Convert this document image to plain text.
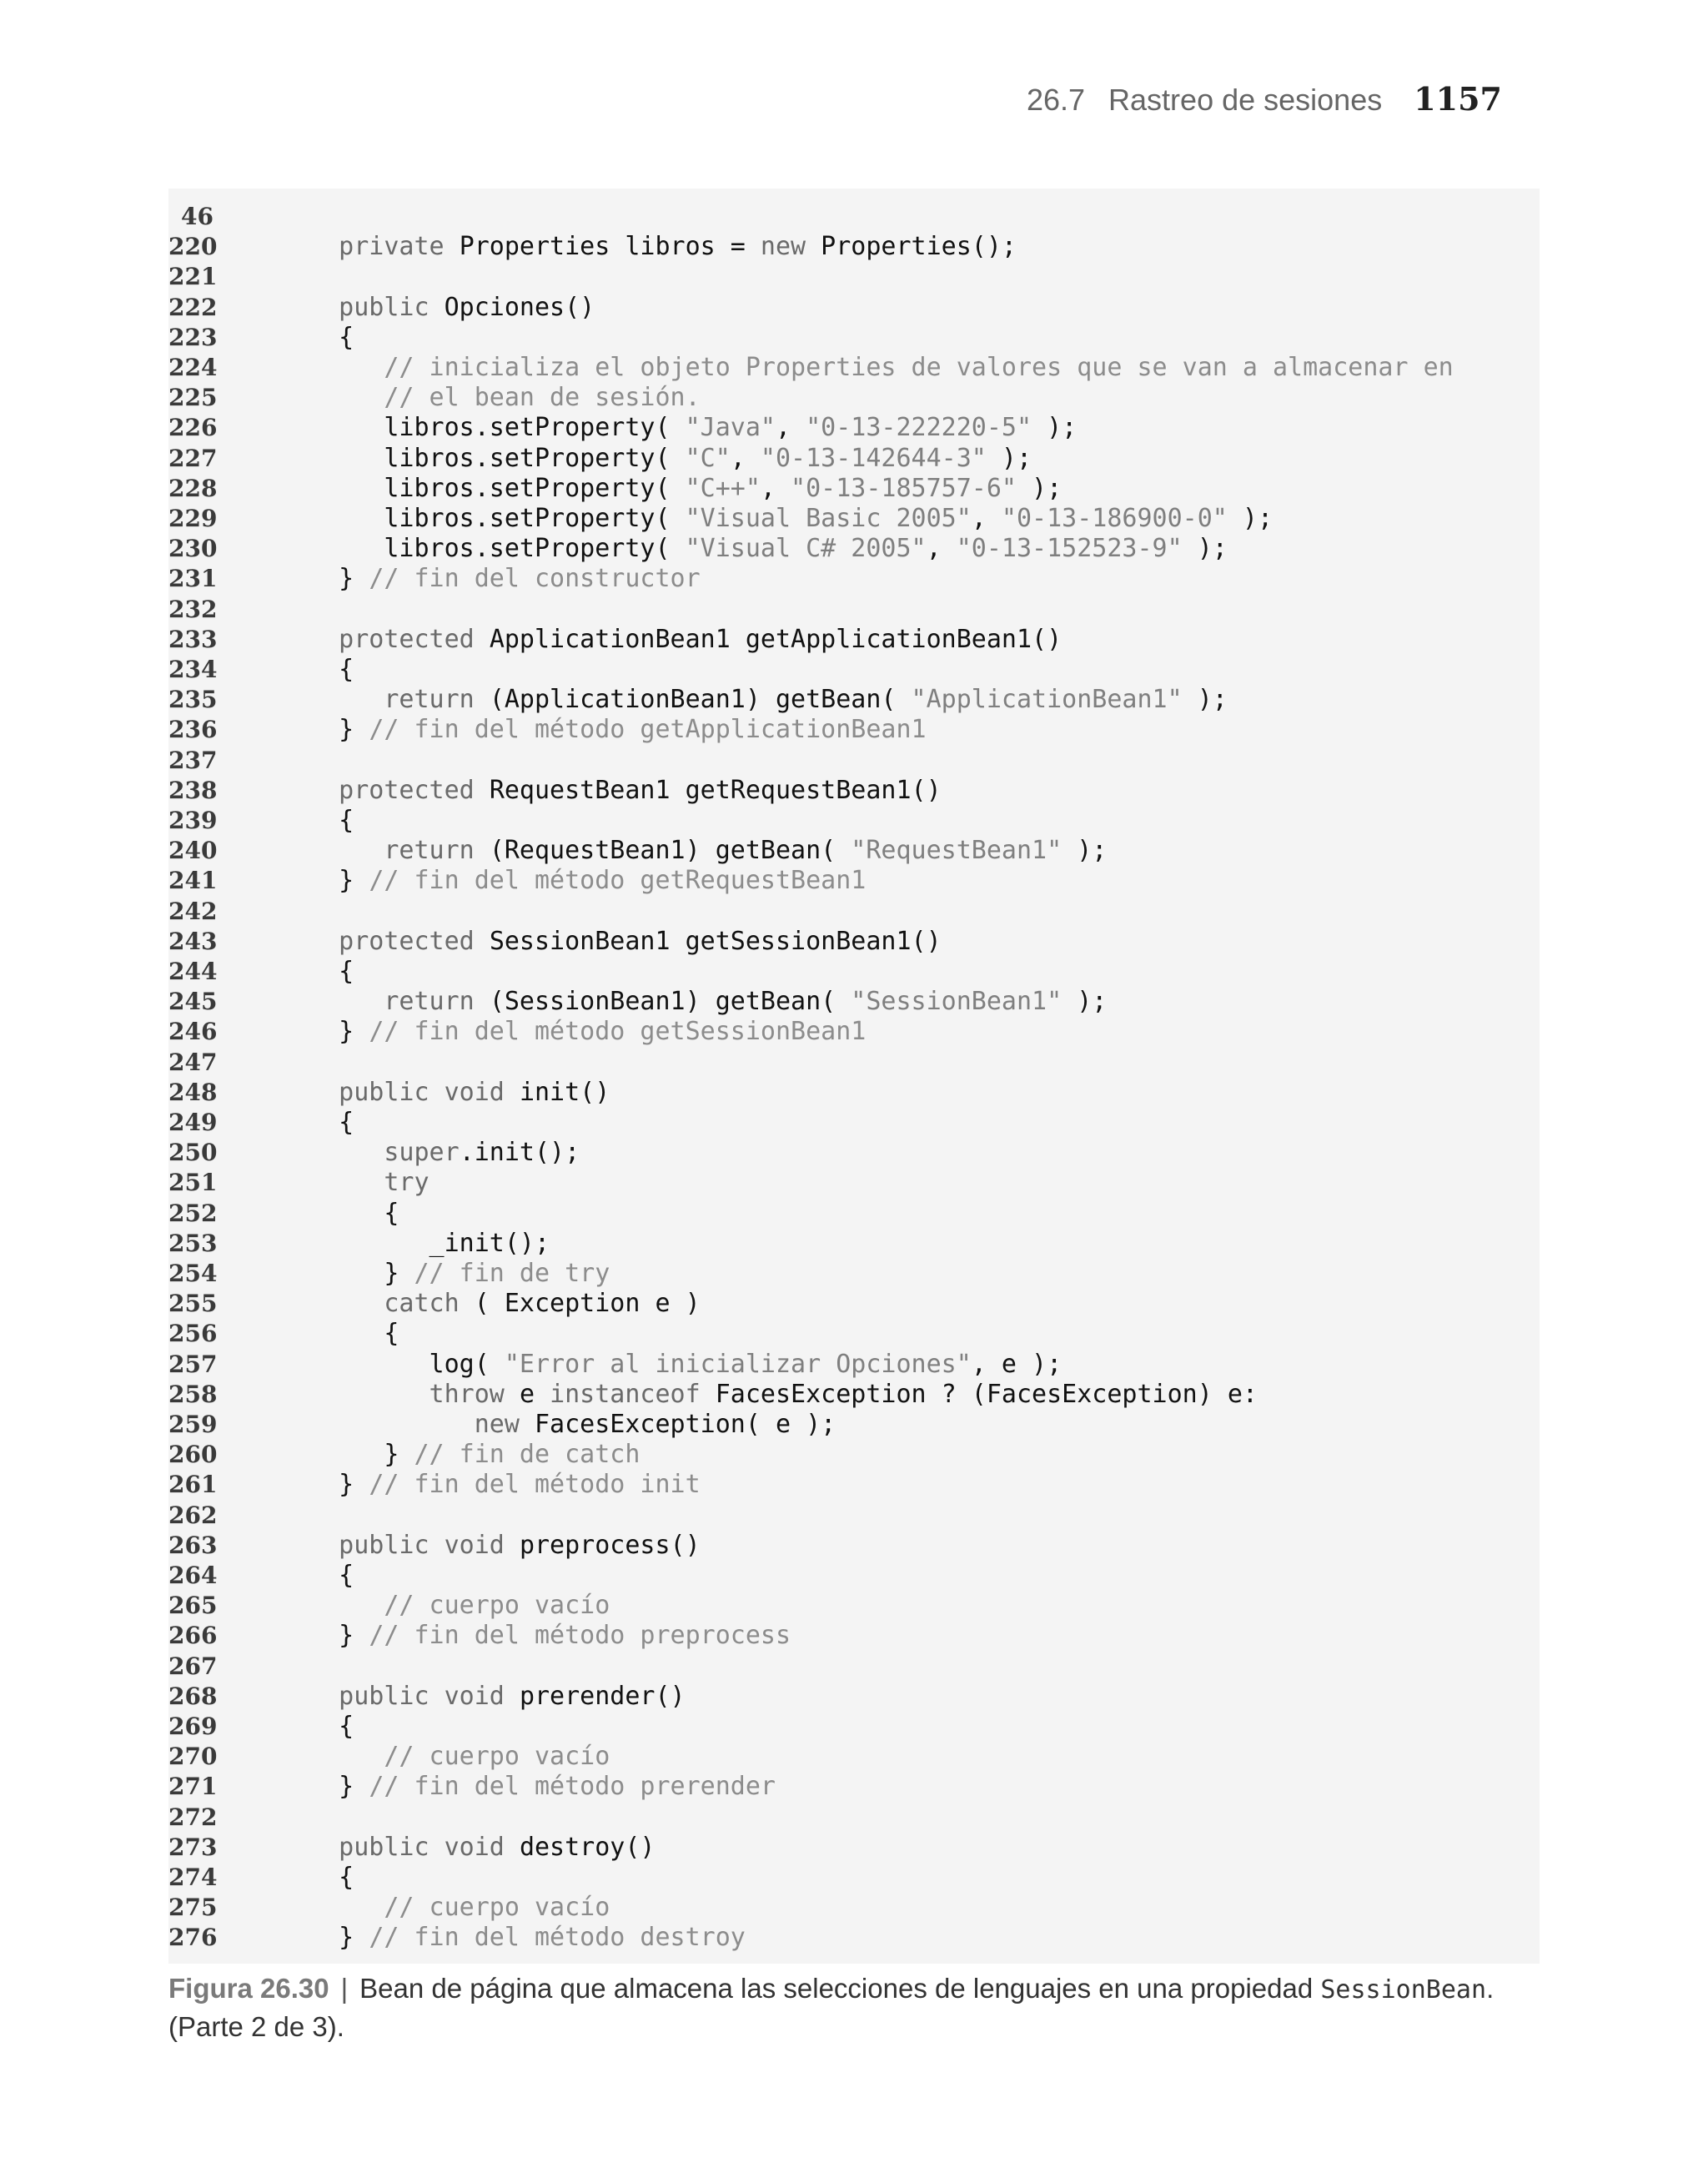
26.7 Rastreo de sesiones 1157
46
220	private Properties libros = new Properties();
221
222	public Opciones()
223	{
224	// inicializa el objeto Properties de valores que se van a almacenar en
225	// el bean de sesión.
226	libros.setProperty( "Java", "0-13-222220-5" );
227	libros.setProperty( "C", "0-13-142644-3" );
228	libros.setProperty( "C++", "0-13-185757-6" );
229	libros.setProperty( "Visual Basic 2005", "0-13-186900-0" );
230	libros.setProperty( "Visual C# 2005", "0-13-152523-9" );
231	} // fin del constructor
232
233	protected ApplicationBean1 getApplicationBean1()
234	{
235	return (ApplicationBean1) getBean( "ApplicationBean1" );
236	} // fin del método getApplicationBean1
237
238	protected RequestBean1 getRequestBean1()
239	{
240	return (RequestBean1) getBean( "RequestBean1" );
241	} // fin del método getRequestBean1
242
243	protected SessionBean1 getSessionBean1()
244	{
245	return (SessionBean1) getBean( "SessionBean1" );
246	} // fin del método getSessionBean1
247
248	public void init()
249	{
250	super.init();
251	try
252	{
253	_init();
254	} // fin de try
255	catch ( Exception e )
256	{
257	log( "Error al inicializar Opciones", e );
258	throw e instanceof FacesException ? (FacesException) e:
259	new FacesException( e );
260	} // fin de catch
261	} // fin del método init
262
263	public void preprocess()
264	{
265	// cuerpo vacío
266	} // fin del método preprocess
267
268	public void prerender()
269	{
270	// cuerpo vacío
271	} // fin del método prerender
272
273	public void destroy()
274	{
275	// cuerpo vacío
276	} // fin del método destroy
Figura 26.30 | Bean de página que almacena las selecciones de lenguajes en una propiedad SessionBean.
(Parte 2 de 3).
